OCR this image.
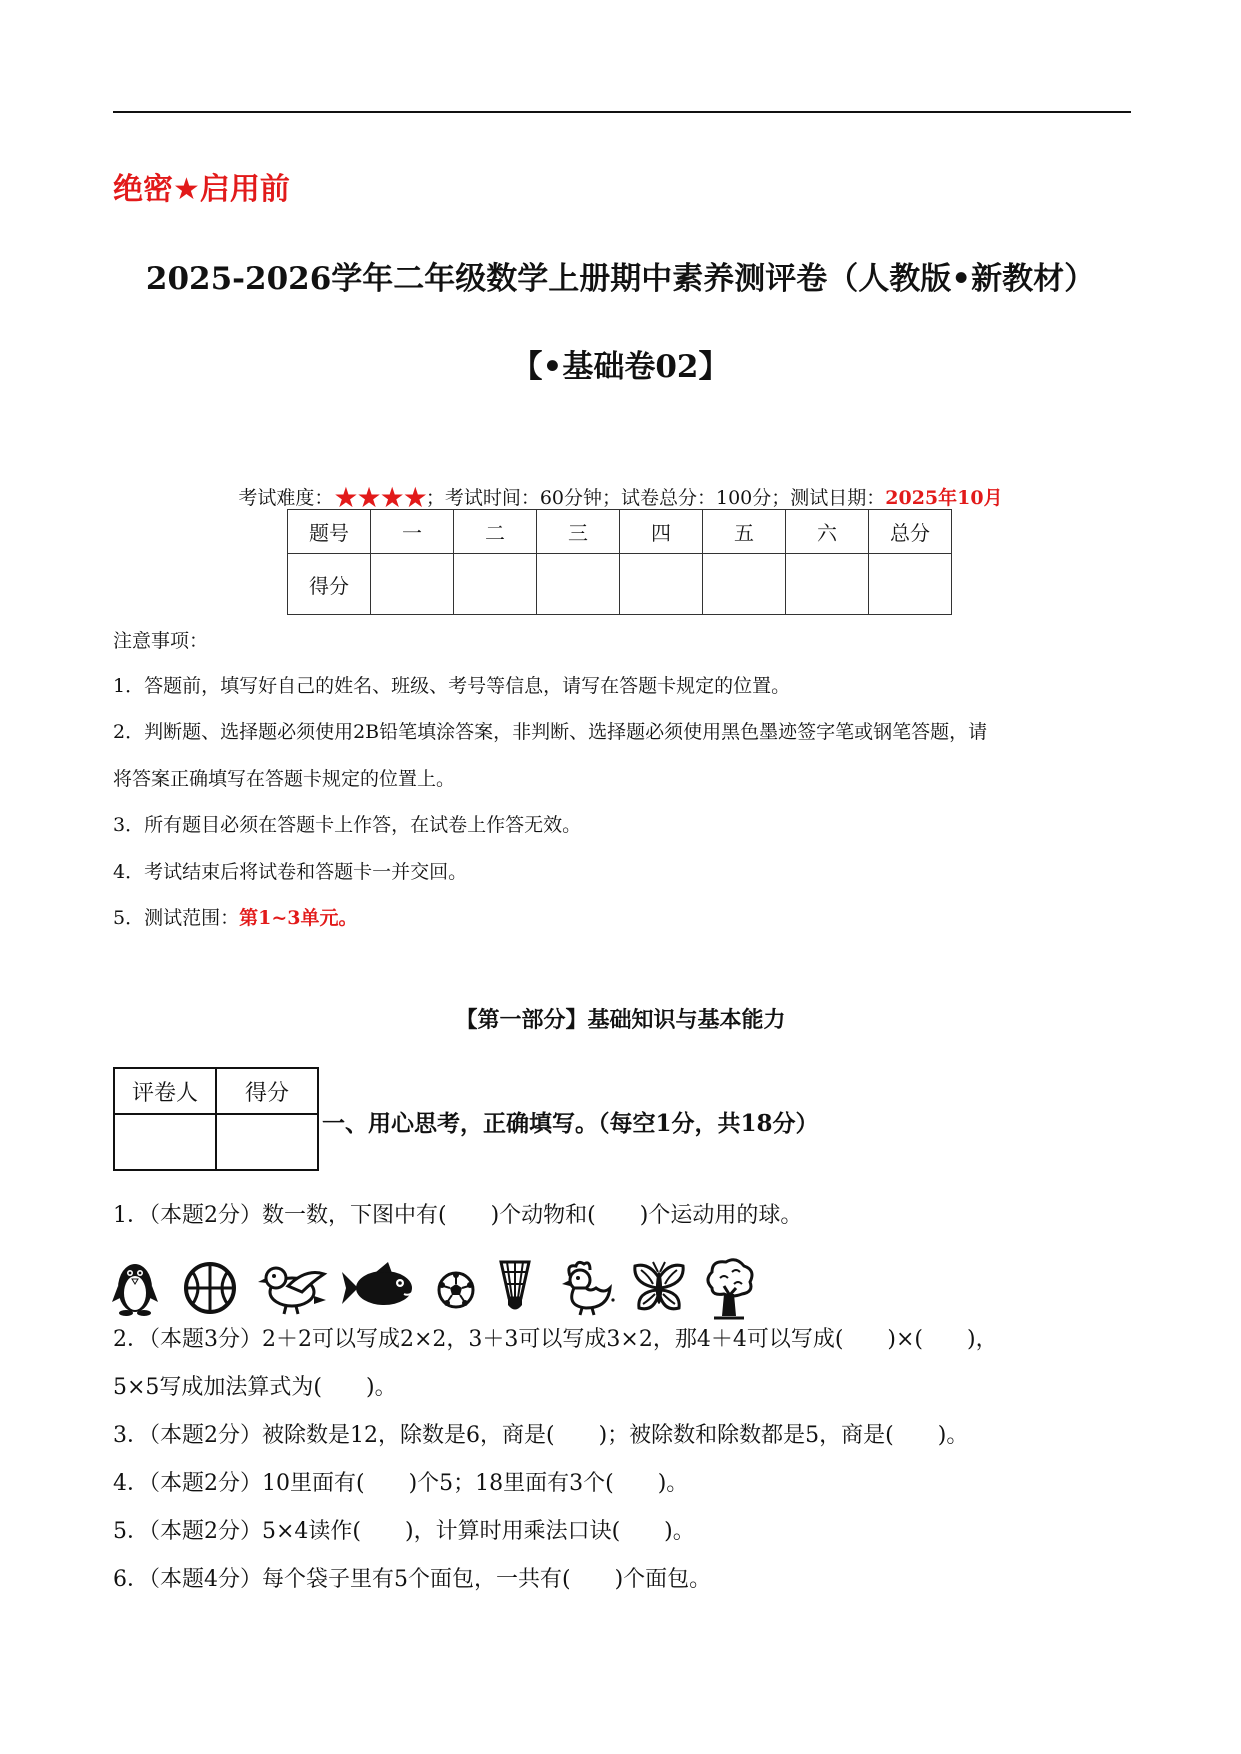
绝密★启用前
2025-2026学年二年级数学上册期中素养测评卷（人教版•新教材）
【•基础卷02】
考试难度：★★★★；考试时间：60分钟；试卷总分：100分；测试日期：2025年10月
题号	一	二	三	四	五	六	总分
得分							
注意事项：
1．答题前，填写好自己的姓名、班级、考号等信息，请写在答题卡规定的位置。
2．判断题、选择题必须使用2B铅笔填涂答案，非判断、选择题必须使用黑色墨迹签字笔或钢笔答题，请
将答案正确填写在答题卡规定的位置上。
3．所有题目必须在答题卡上作答，在试卷上作答无效。
4．考试结束后将试卷和答题卡一并交回。
5．测试范围：第1~3单元。
【第一部分】基础知识与基本能力
评卷人	得分

一、用心思考，正确填写。（每空1分，共18分）
1．（本题2分）数一数，下图中有(　　)个动物和(　　)个运动用的球。
2．（本题3分）2＋2可以写成2×2，3＋3可以写成3×2，那4＋4可以写成(　　)×(　　)，
5×5写成加法算式为(　　)。
3．（本题2分）被除数是12，除数是6，商是(　　)；被除数和除数都是5，商是(　　)。
4．（本题2分）10里面有(　　)个5；18里面有3个(　　)。
5．（本题2分）5×4读作(　　)，计算时用乘法口诀(　　)。
6．（本题4分）每个袋子里有5个面包，一共有(　　)个面包。
